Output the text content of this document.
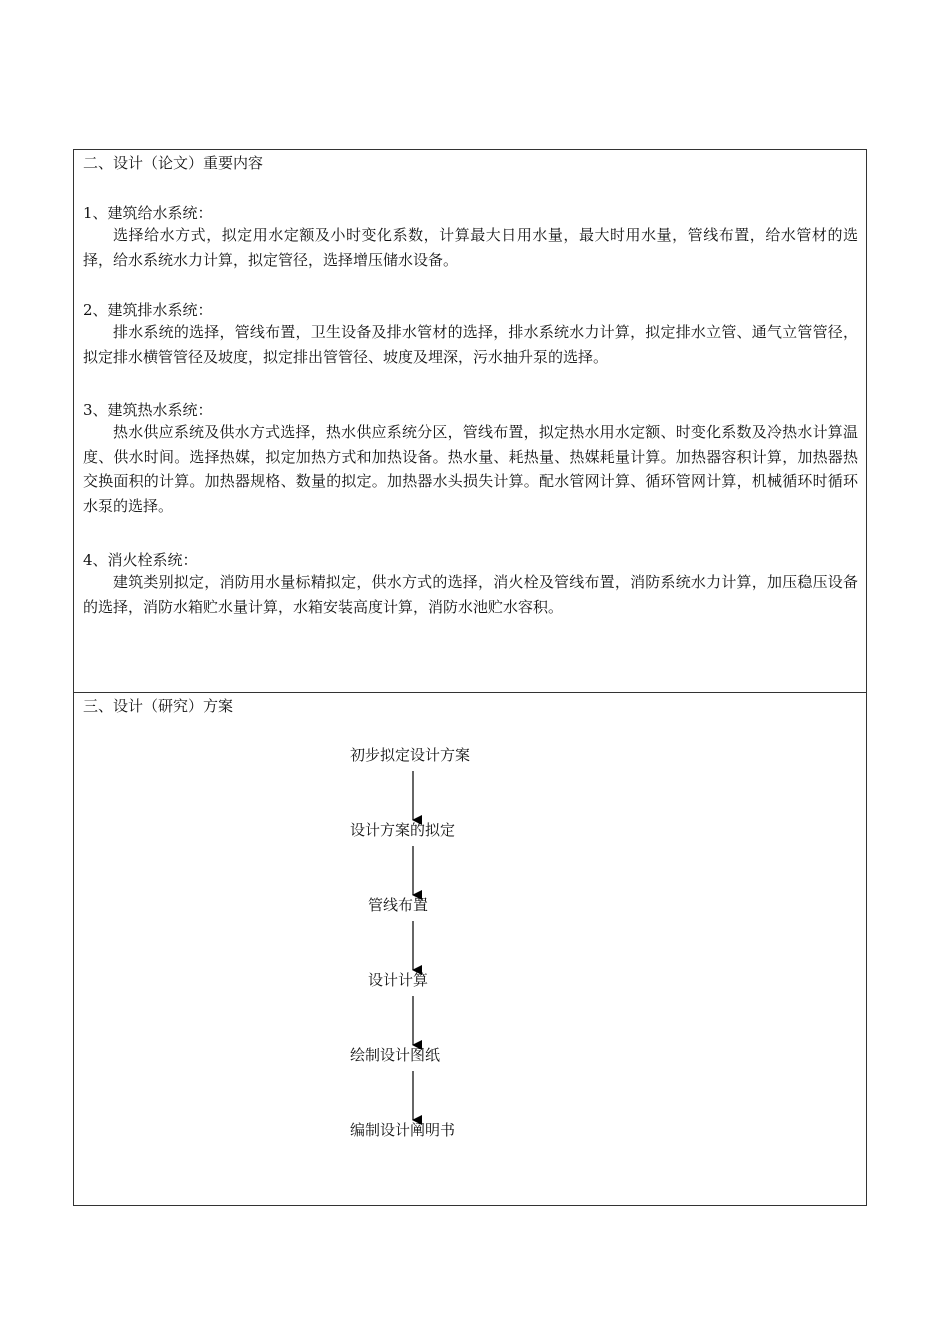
二、设计（论文）重要内容
1、建筑给水系统：
选择给水方式，拟定用水定额及小时变化系数，计算最大日用水量，最大时用水量，管线布置，给水管材的选择，给水系统水力计算，拟定管径，选择增压储水设备。
2、建筑排水系统：
排水系统的选择，管线布置，卫生设备及排水管材的选择，排水系统水力计算，拟定排水立管、通气立管管径，拟定排水横管管径及坡度，拟定排出管管径、坡度及埋深，污水抽升泵的选择。
3、建筑热水系统：
热水供应系统及供水方式选择，热水供应系统分区，管线布置，拟定热水用水定额、时变化系数及冷热水计算温度、供水时间。选择热媒，拟定加热方式和加热设备。热水量、耗热量、热媒耗量计算。加热器容积计算，加热器热交换面积的计算。加热器规格、数量的拟定。加热器水头损失计算。配水管网计算、循环管网计算，机械循环时循环水泵的选择。
4、消火栓系统：
建筑类别拟定，消防用水量标精拟定，供水方式的选择，消火栓及管线布置，消防系统水力计算，加压稳压设备的选择，消防水箱贮水量计算，水箱安装高度计算，消防水池贮水容积。
三、设计（研究）方案
初步拟定设计方案
设计方案的拟定
管线布置
设计计算
绘制设计图纸
编制设计阐明书
